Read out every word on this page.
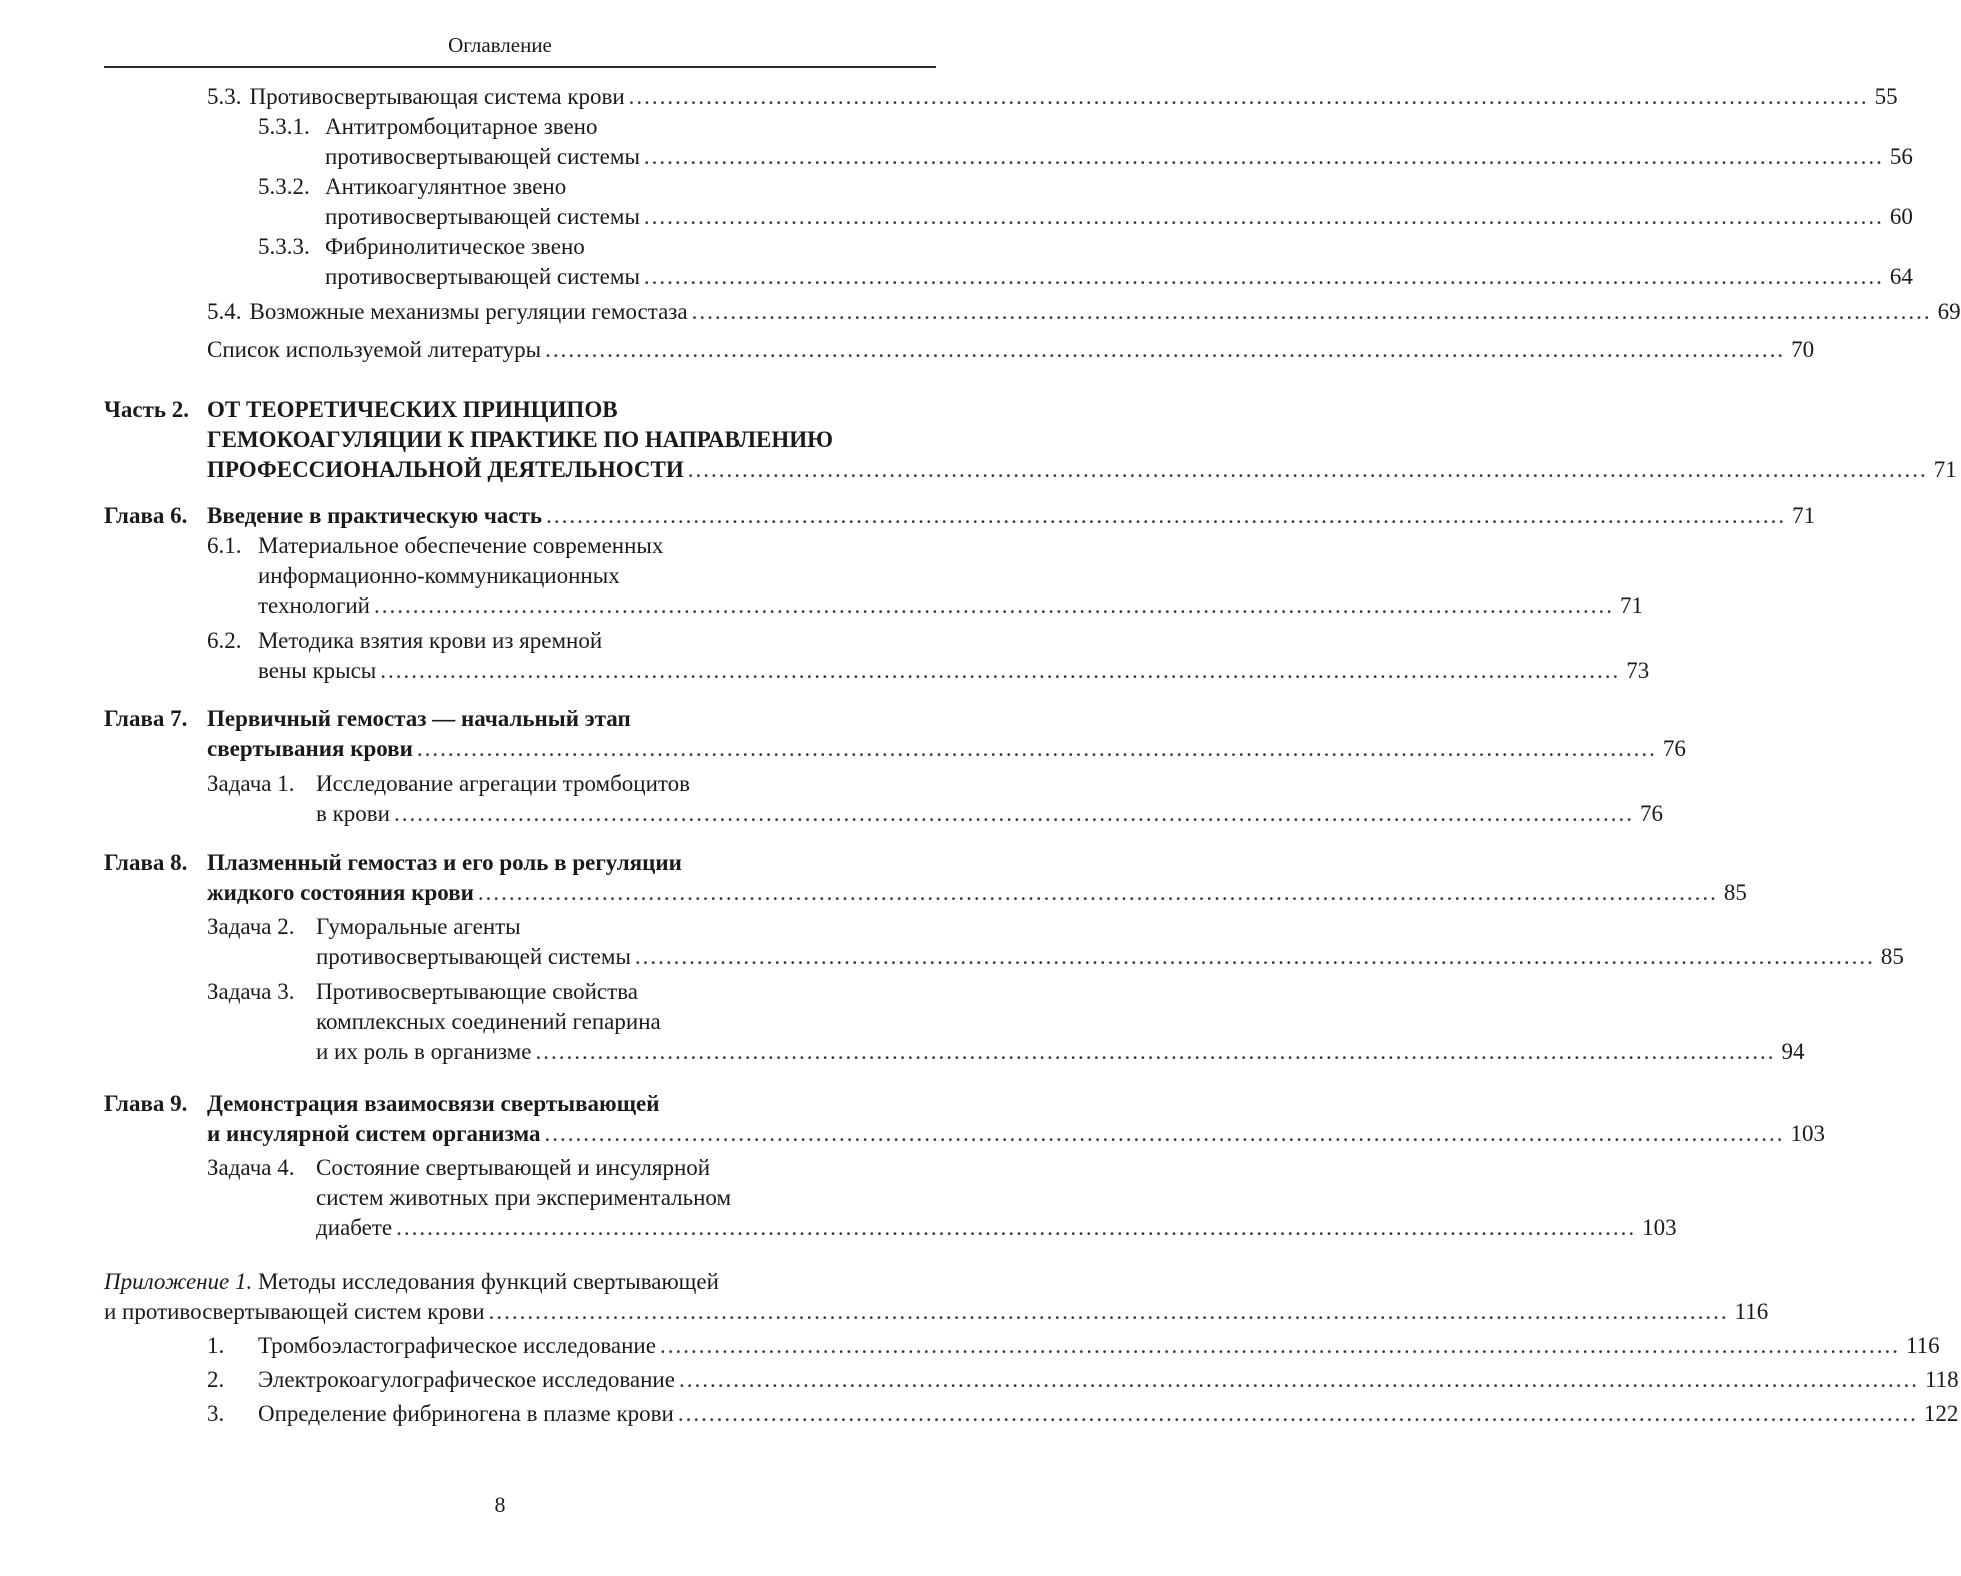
Оглавление
5.3. Противосвертывающая система крови ................................................................................................................................................................ 55
5.3.1. Антитромбоцитарное звено
противосвертывающей системы ................................................................................................................................................................ 56
5.3.2. Антикоагулянтное звено
противосвертывающей системы ................................................................................................................................................................ 60
5.3.3. Фибринолитическое звено
противосвертывающей системы ................................................................................................................................................................ 64
5.4. Возможные механизмы регуляции гемостаза ................................................................................................................................................................ 69
Список используемой литературы ................................................................................................................................................................ 70
Часть 2. ОТ ТЕОРЕТИЧЕСКИХ ПРИНЦИПОВ
ГЕМОКОАГУЛЯЦИИ К ПРАКТИКЕ ПО НАПРАВЛЕНИЮ
ПРОФЕССИОНАЛЬНОЙ ДЕЯТЕЛЬНОСТИ ................................................................................................................................................................ 71
Глава 6. Введение в практическую часть ................................................................................................................................................................ 71
6.1. Материальное обеспечение современных
информационно-коммуникационных
технологий ................................................................................................................................................................ 71
6.2. Методика взятия крови из яремной
вены крысы ................................................................................................................................................................ 73
Глава 7. Первичный гемостаз — начальный этап
свертывания крови ................................................................................................................................................................ 76
Задача 1. Исследование агрегации тромбоцитов
в крови ................................................................................................................................................................ 76
Глава 8. Плазменный гемостаз и его роль в регуляции
жидкого состояния крови ................................................................................................................................................................ 85
Задача 2. Гуморальные агенты
противосвертывающей системы ................................................................................................................................................................ 85
Задача 3. Противосвертывающие свойства
комплексных соединений гепарина
и их роль в организме ................................................................................................................................................................ 94
Глава 9. Демонстрация взаимосвязи свертывающей
и инсулярной систем организма ................................................................................................................................................................ 103
Задача 4. Состояние свертывающей и инсулярной
систем животных при экспериментальном
диабете ................................................................................................................................................................ 103
Приложение 1. Методы исследования функций свертывающей
и противосвертывающей систем крови ................................................................................................................................................................ 116
1.	Тромбоэластографическое исследование ................................................................................................................................................................ 116
2.	Электрокоагулографическое исследование ................................................................................................................................................................ 118
3.	Определение фибриногена в плазме крови ................................................................................................................................................................ 122
8
